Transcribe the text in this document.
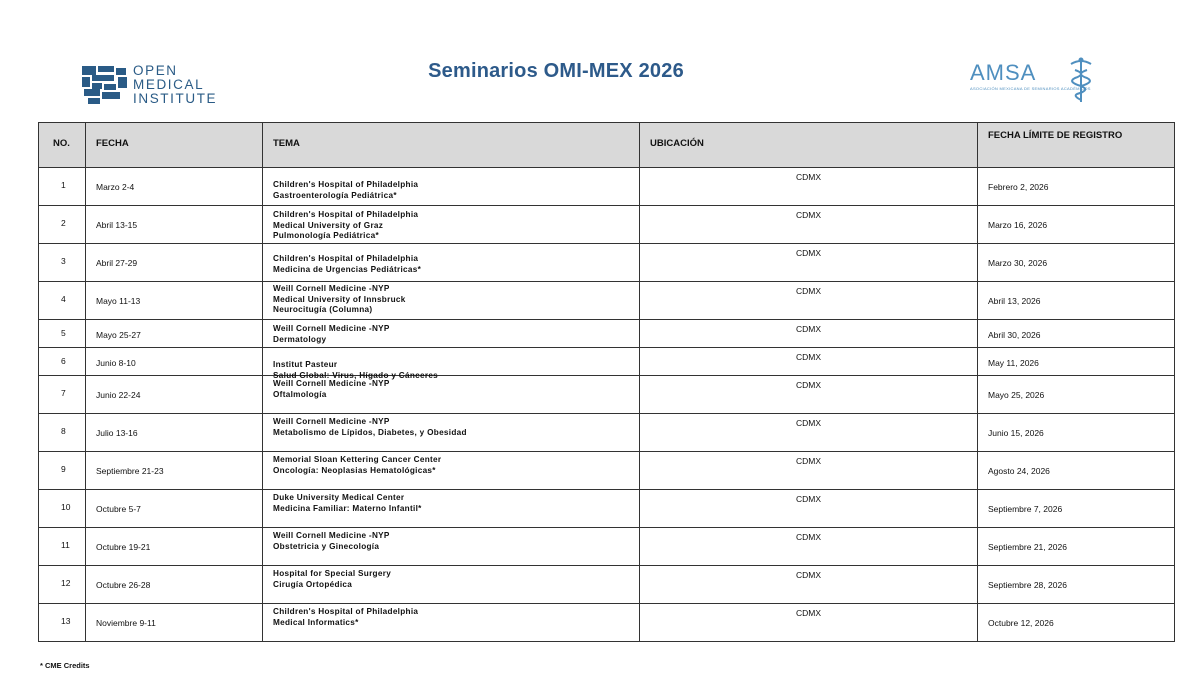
OPEN
MEDICAL
INSTITUTE
Seminarios OMI-MEX 2026	AMSA
ASOCIACIÓN MEXICANA DE SEMINARIOS ACADÉMICOS
NO.	FECHA	TEMA	UBICACIÓN	FECHA LÍMITE DE REGISTRO

1	Marzo 2-4	Children's Hospital of Philadelphia
Gastroenterología Pediátrica*	CDMX	Febrero 2, 2026

2	Abril 13-15	Children's Hospital of Philadelphia
Medical University of Graz
Pulmonología Pediátrica*	CDMX	Marzo 16, 2026

3	Abril 27-29	Children's Hospital of Philadelphia
Medicina de Urgencias Pediátricas*	CDMX	Marzo 30, 2026

4	Mayo 11-13	Weill Cornell Medicine -NYP
Medical University of Innsbruck
Neurocitugía (Columna)	CDMX	Abril 13, 2026

5	Mayo 25-27	Weill Cornell Medicine -NYP
Dermatology	CDMX	Abril 30, 2026

6	Junio 8-10	Institut Pasteur
Salud Global: Virus, Hígado y Cánceres	CDMX	May 11, 2026

7	Junio 22-24	Weill Cornell Medicine -NYP
Oftalmología	CDMX	Mayo 25, 2026

8	Julio 13-16	Weill Cornell Medicine -NYP
Metabolismo de Lípidos, Diabetes, y Obesidad	CDMX	Junio 15, 2026

9	Septiembre 21-23	Memorial Sloan Kettering Cancer Center
Oncología: Neoplasias Hematológicas*	CDMX	Agosto 24, 2026

10	Octubre 5-7	Duke University Medical Center
Medicina Familiar: Materno Infantil*	CDMX	Septiembre 7, 2026

11	Octubre 19-21	Weill Cornell Medicine -NYP
Obstetricia y Ginecología	CDMX	Septiembre 21, 2026

12	Octubre 26-28	Hospital for Special Surgery
Cirugía Ortopédica	CDMX	Septiembre 28, 2026

13	Noviembre 9-11	Children's Hospital of Philadelphia
Medical Informatics*	CDMX	Octubre 12, 2026
* CME Credits
